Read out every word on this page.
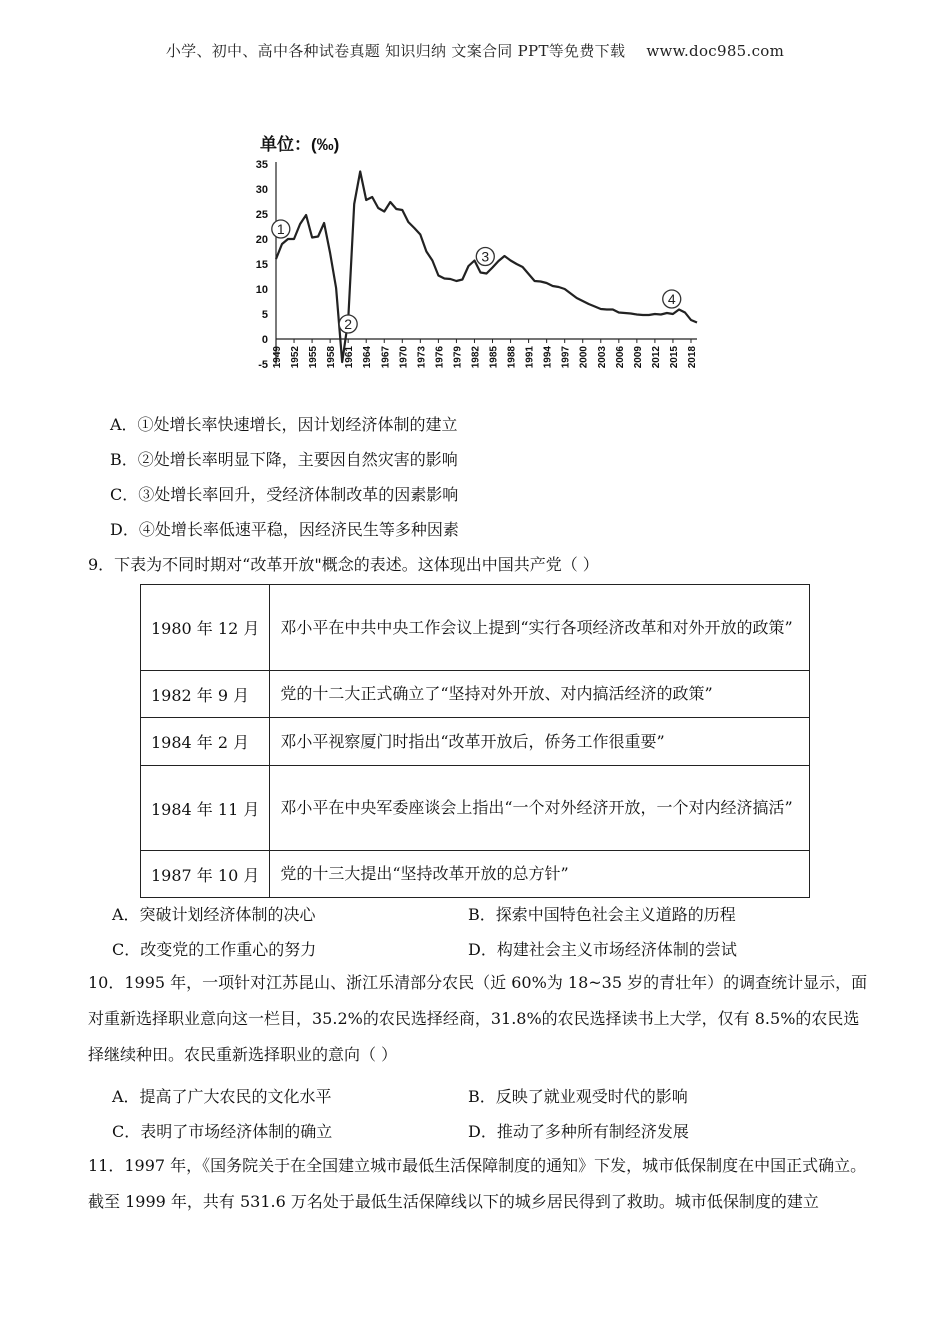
小学、初中、高中各种试卷真题 知识归纳 文案合同 PPT等免费下载 www.doc985.com
单位：(‰)
35
30
25
20
15
10
5
0
-5 1949 1952 1955 1958 1961 1964 1967 1970 1973 1976 1979 1982 1985 1988 1991 1994 1997 2000 2003 2006 2009 2012 2015 2018
1
2
3
4
A．①处增长率快速增长，因计划经济体制的建立
B．②处增长率明显下降，主要因自然灾害的影响
C．③处增长率回升，受经济体制改革的因素影响
D．④处增长率低速平稳，因经济民生等多种因素
9．下表为不同时期对“改革开放"概念的表述。这体现出中国共产党（ ）
1980 年 12 月	邓小平在中共中央工作会议上提到“实行各项经济改革和对外开放的政策”
1982 年 9 月	党的十二大正式确立了“坚持对外开放、对内搞活经济的政策”
1984 年 2 月	邓小平视察厦门时指出“改革开放后，侨务工作很重要”
1984 年 11 月	邓小平在中央军委座谈会上指出“一个对外经济开放，一个对内经济搞活”
1987 年 10 月	党的十三大提出“坚持改革开放的总方针”
A．突破计划经济体制的决心	B．探索中国特色社会主义道路的历程
C．改变党的工作重心的努力	D．构建社会主义市场经济体制的尝试
10．1995 年，一项针对江苏昆山、浙江乐清部分农民（近 60%为 18~35 岁的青壮年）的调查统计显示，面对重新选择职业意向这一栏目，35.2%的农民选择经商，31.8%的农民选择读书上大学，仅有 8.5%的农民选择继续种田。农民重新选择职业的意向（ ）
A．提高了广大农民的文化水平	B．反映了就业观受时代的影响
C．表明了市场经济体制的确立	D．推动了多种所有制经济发展
11．1997 年，《国务院关于在全国建立城市最低生活保障制度的通知》下发，城市低保制度在中国正式确立。截至 1999 年，共有 531.6 万名处于最低生活保障线以下的城乡居民得到了救助。城市低保制度的建立
